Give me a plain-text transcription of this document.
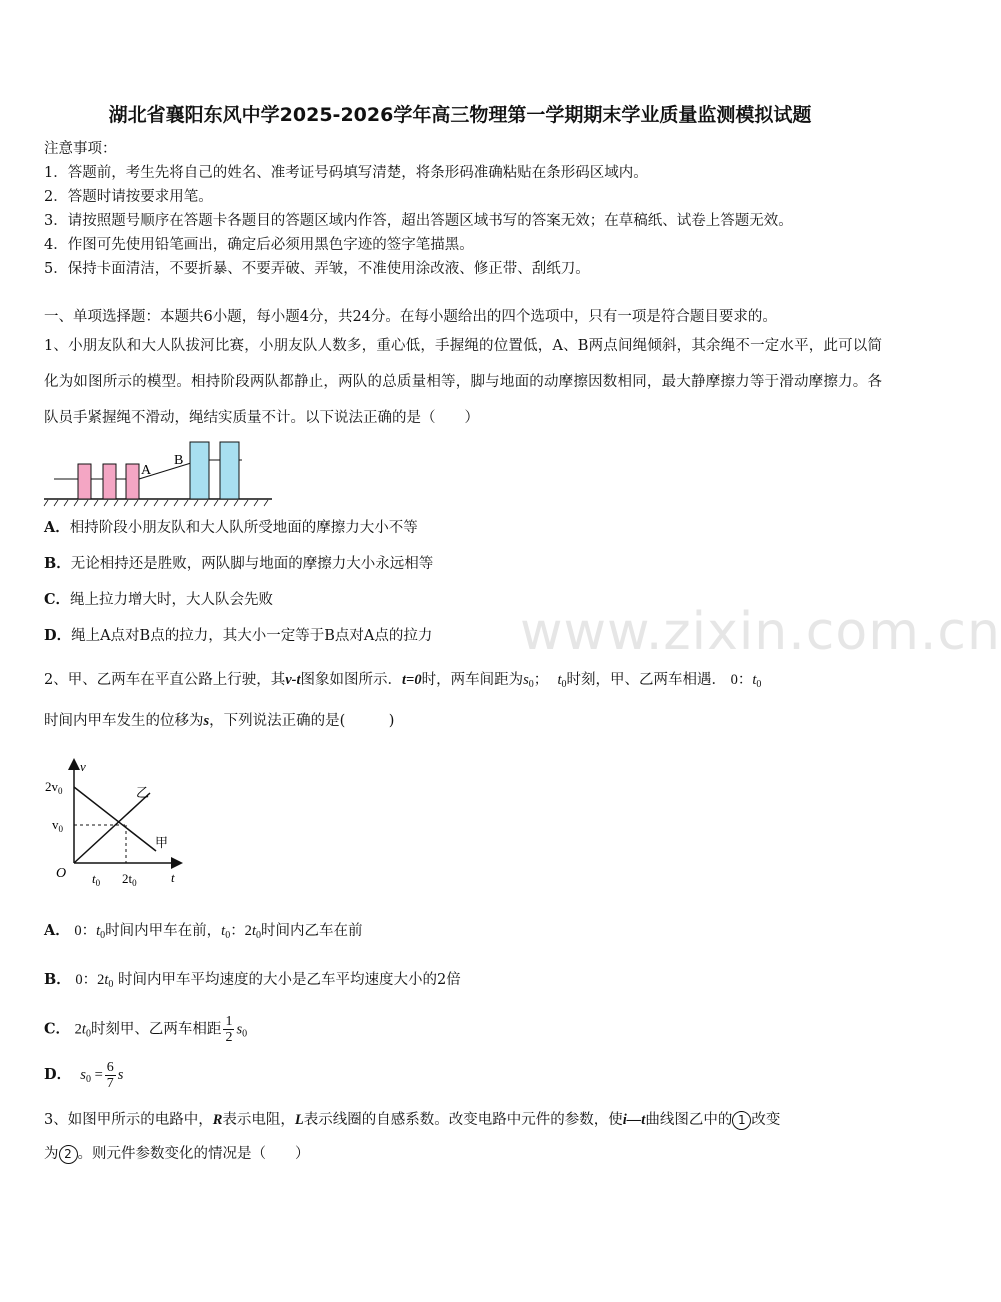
www.zixin.com.cn
湖北省襄阳东风中学2025-2026学年高三物理第一学期期末学业质量监测模拟试题
注意事项：
1．答题前，考生先将自己的姓名、准考证号码填写清楚，将条形码准确粘贴在条形码区域内。
2．答题时请按要求用笔。
3．请按照题号顺序在答题卡各题目的答题区域内作答，超出答题区域书写的答案无效；在草稿纸、试卷上答题无效。
4．作图可先使用铅笔画出，确定后必须用黑色字迹的签字笔描黑。
5．保持卡面清洁，不要折暴、不要弄破、弄皱，不准使用涂改液、修正带、刮纸刀。
一、单项选择题：本题共6小题，每小题4分，共24分。在每小题给出的四个选项中，只有一项是符合题目要求的。
1、小朋友队和大人队拔河比赛，小朋友队人数多，重心低，手握绳的位置低，A、B两点间绳倾斜，其余绳不一定水平，此可以简化为如图所示的模型。相持阶段两队都静止，两队的总质量相等，脚与地面的动摩擦因数相同，最大静摩擦力等于滑动摩擦力。各队员手紧握绳不滑动，绳结实质量不计。以下说法正确的是（　　）
A
B
A．相持阶段小朋友队和大人队所受地面的摩擦力大小不等
B．无论相持还是胜败，两队脚与地面的摩擦力大小永远相等
C．绳上拉力增大时，大人队会先败
D．绳上A点对B点的拉力，其大小一定等于B点对A点的拉力
2、甲、乙两车在平直公路上行驶，其v-t图象如图所示．t=0时，两车间距为$s_0$； $t_0$时刻，甲、乙两车相遇． 0：$t_0$
时间内甲车发生的位移为s，下列说法正确的是(　　　)
v
t
O
$2v_0$
$v_0$
$t_0$ $2t_0$
乙
甲
A． 0：$t_0$时间内甲车在前，$t_0$：$2t_0$时间内乙车在前
B． 0：$2t_0$ 时间内甲车平均速度的大小是乙车平均速度大小的2倍
C． $2t_0$时刻甲、乙两车相距 $\frac{1}{2} s_0$
D． $s_0 = \frac{6}{7}$ s
3、如图甲所示的电路中，R表示电阻，L表示线圈的自感系数。改变电路中元件的参数，使i—t曲线图乙中的 1 改变
为 2 。则元件参数变化的情况是（　　）
